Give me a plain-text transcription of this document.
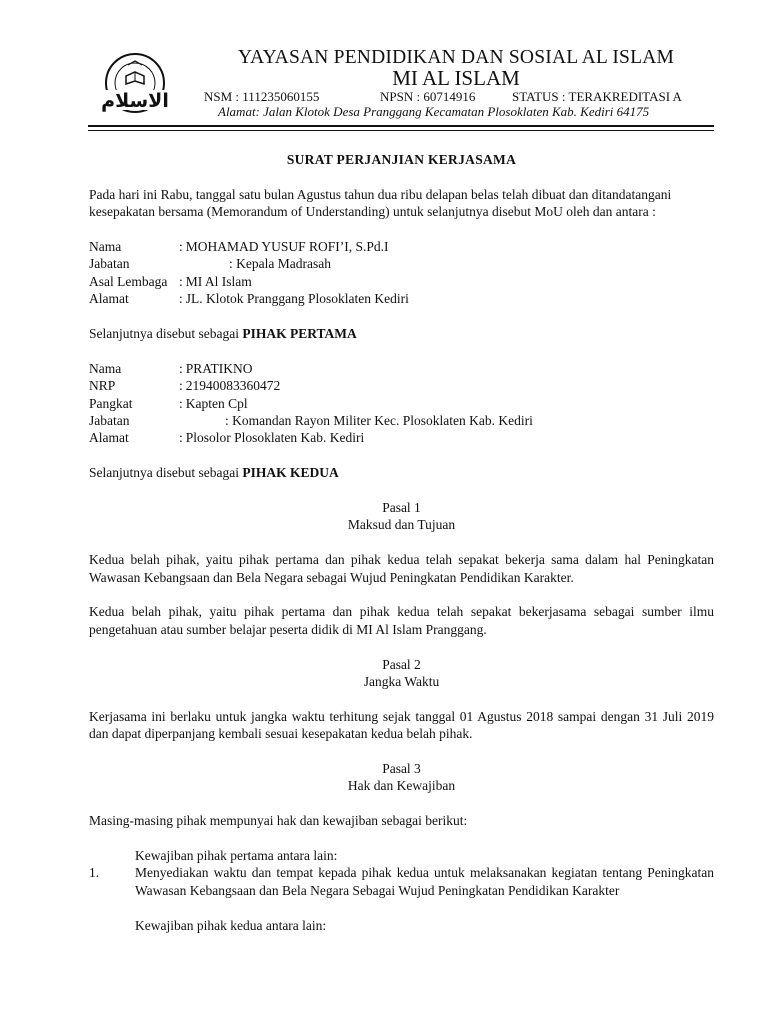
الاسلام
YAYASAN PENDIDIKAN DAN SOSIAL AL ISLAM
MI AL ISLAM
NSM : 111235060155	NPSN : 60714916	STATUS : TERAKREDITASI A
Alamat: Jalan Klotok Desa Pranggang Kecamatan Plosoklaten Kab. Kediri 64175

SURAT PERJANJIAN KERJASAMA

Pada hari ini Rabu, tanggal satu bulan Agustus tahun dua ribu delapan belas telah dibuat dan ditandatangani kesepakatan bersama (Memorandum of Understanding) untuk selanjutnya disebut MoU oleh dan antara :

Nama	: MOHAMAD YUSUF ROFI’I, S.Pd.I

Jabatan	: Kepala Madrasah

Asal Lembaga : MI Al Islam

Alamat	: JL. Klotok Pranggang Plosoklaten Kediri

Selanjutnya disebut sebagai PIHAK PERTAMA

Nama	: PRATIKNO

NRP	: 21940083360472

Pangkat	: Kapten Cpl

Jabatan	: Komandan Rayon Militer Kec. Plosoklaten Kab. Kediri

Alamat	: Plosolor Plosoklaten Kab. Kediri

Selanjutnya disebut sebagai PIHAK KEDUA

Pasal 1

Maksud dan Tujuan

Kedua belah pihak, yaitu pihak pertama dan pihak kedua telah sepakat bekerja sama dalam hal Peningkatan Wawasan Kebangsaan dan Bela Negara sebagai Wujud Peningkatan Pendidikan Karakter.

Kedua belah pihak, yaitu pihak pertama dan pihak kedua telah sepakat bekerjasama sebagai sumber ilmu pengetahuan atau sumber belajar peserta didik di MI Al Islam Pranggang.

Pasal 2

Jangka Waktu

Kerjasama ini berlaku untuk jangka waktu terhitung sejak tanggal 01 Agustus 2018 sampai dengan 31 Juli 2019 dan dapat diperpanjang kembali sesuai kesepakatan kedua belah pihak.

Pasal 3

Hak dan Kewajiban

Masing-masing pihak mempunyai hak dan kewajiban sebagai berikut:

Kewajiban pihak pertama antara lain:

1.	Menyediakan waktu dan tempat kepada pihak kedua untuk melaksanakan kegiatan tentang Peningkatan Wawasan Kebangsaan dan Bela Negara Sebagai Wujud Peningkatan Pendidikan Karakter

Kewajiban pihak kedua antara lain:
